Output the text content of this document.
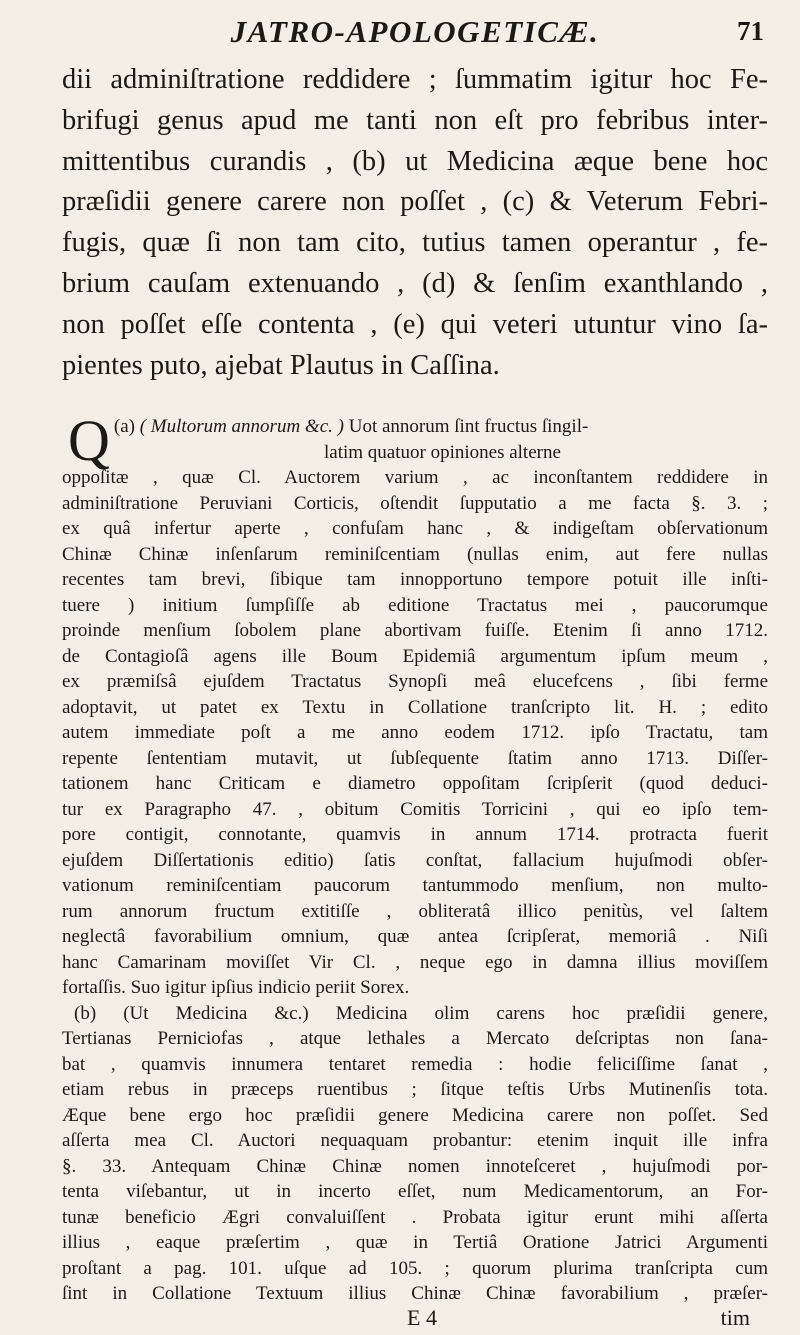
JATRO-APOLOGETICÆ.	71

dii adminiſtratione reddidere ; ſummatim igitur hoc Fe-
brifugi genus apud me tanti non eſt pro febribus inter-
mittentibus curandis , (b) ut Medicina æque bene hoc
præſidii genere carere non poſſet , (c) & Veterum Febri-
fugis, quæ ſi non tam cito, tutius tamen operantur , fe-
brium cauſam extenuando , (d) & ſenſim exanthlando ,
non poſſet eſſe contenta , (e) qui veteri utuntur vino ſa-
pientes puto, ajebat Plautus in Caſſina.

(a) ( Multorum annorum &c. )
Q	Uot annorum ſint fructus ſingil-
latim quatuor opiniones alterne
oppoſitæ , quæ Cl. Auctorem varium , ac inconſtantem reddidere in
adminiſtratione Peruviani Corticis, oſtendit ſupputatio a me facta §. 3. ;
ex quâ infertur aperte , confuſam hanc , & indigeſtam obſervationum
Chinæ Chinæ inſenſarum reminiſcentiam (nullas enim, aut fere nullas
recentes tam brevi, ſibique tam innopportuno tempore potuit ille inſti-
tuere ) initium ſumpſiſſe ab editione Tractatus mei , paucorumque
proinde menſium ſobolem plane abortivam fuiſſe. Etenim ſi anno 1712.
de Contagioſâ agens ille Boum Epidemiâ argumentum ipſum meum ,
ex præmiſsâ ejuſdem Tractatus Synopſi meâ elucefcens , ſibi ferme
adoptavit, ut patet ex Textu in Collatione tranſcripto lit. H. ; edito
autem immediate poſt a me anno eodem 1712. ipſo Tractatu, tam
repente ſententiam mutavit, ut ſubſequente ſtatim anno 1713. Diſſer-
tationem hanc Criticam e diametro oppoſitam ſcripſerit (quod deduci-
tur ex Paragrapho 47. , obitum Comitis Torricini , qui eo ipſo tem-
pore contigit, connotante, quamvis in annum 1714. protracta fuerit
ejuſdem Diſſertationis editio) ſatis conſtat, fallacium hujuſmodi obſer-
vationum reminiſcentiam paucorum tantummodo menſium, non multo-
rum annorum fructum extitiſſe , obliteratâ illico penitùs, vel ſaltem
neglectâ favorabilium omnium, quæ antea ſcripſerat, memoriâ . Niſi
hanc Camarinam moviſſet Vir Cl. , neque ego in damna illius moviſſem
fortaſſis. Suo igitur ipſius indicio periit Sorex.
(b) (Ut Medicina &c.) Medicina olim carens hoc præſidii genere,
Tertianas Perniciofas , atque lethales a Mercato deſcriptas non ſana-
bat , quamvis innumera tentaret remedia : hodie feliciſſime ſanat ,
etiam rebus in præceps ruentibus ; ſitque teſtis Urbs Mutinenſis tota.
Æque bene ergo hoc præſidii genere Medicina carere non poſſet. Sed
aſſerta mea Cl. Auctori nequaquam probantur: etenim inquit ille infra
§. 33. Antequam Chinæ Chinæ nomen innoteſceret , hujuſmodi por-
tenta viſebantur, ut in incerto eſſet, num Medicamentorum, an For-
tunæ beneficio Ægri convaluiſſent . Probata igitur erunt mihi aſſerta
illius , eaque præſertim , quæ in Tertiâ Oratione Jatrici Argumenti
proſtant a pag. 101. uſque ad 105. ; quorum plurima tranſcripta cum
ſint in Collatione Textuum illius Chinæ Chinæ favorabilium , præſer-
E 4	tim
